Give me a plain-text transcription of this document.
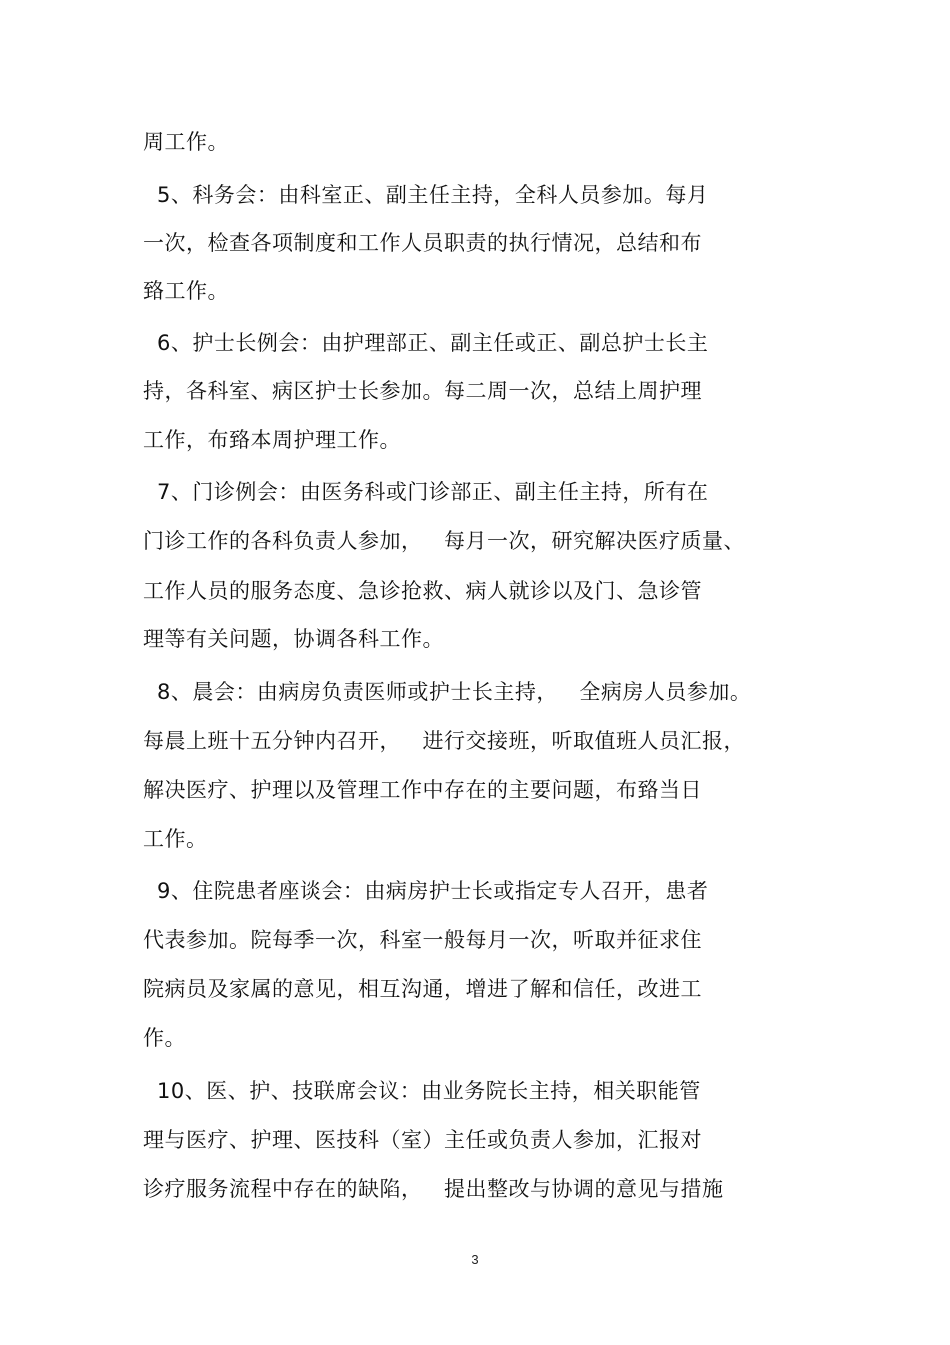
周工作。
5、科务会：由科室正、副主任主持，全科人员参加。每月
一次，检查各项制度和工作人员职责的执行情况，总结和布
臵工作。
6、护士长例会：由护理部正、副主任或正、副总护士长主
持，各科室、病区护士长参加。每二周一次，总结上周护理
工作，布臵本周护理工作。
7、门诊例会：由医务科或门诊部正、副主任主持，所有在
门诊工作的各科负责人参加，   每月一次，研究解决医疗质量、
工作人员的服务态度、急诊抢救、病人就诊以及门、急诊管
理等有关问题，协调各科工作。
8、晨会：由病房负责医师或护士长主持，   全病房人员参加。
每晨上班十五分钟内召开，   进行交接班，听取值班人员汇报，
解决医疗、护理以及管理工作中存在的主要问题，布臵当日
工作。
9、住院患者座谈会：由病房护士长或指定专人召开，患者
代表参加。院每季一次，科室一般每月一次，听取并征求住
院病员及家属的意见，相互沟通，增进了解和信任，改进工
作。
10、医、护、技联席会议：由业务院长主持，相关职能管
理与医疗、护理、医技科（室）主任或负责人参加，汇报对
诊疗服务流程中存在的缺陷，   提出整改与协调的意见与措施
3
